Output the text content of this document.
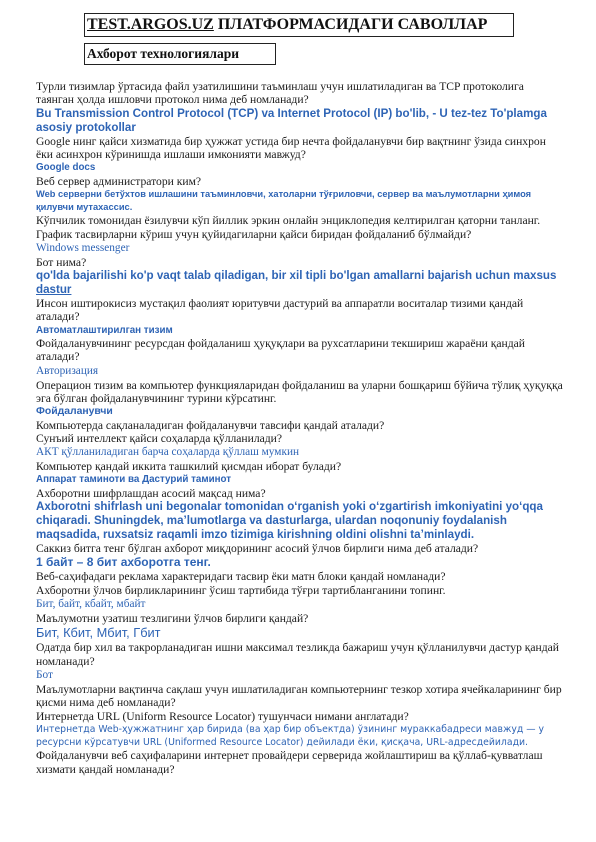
TEST.ARGOS.UZ ПЛАТФОРМАСИДАГИ САВОЛЛАР
Ахборот технологиялари

Турли тизимлар ўртасида файл узатилишини таъминлаш учун ишлатиладиган ва TCP протоколига таянган ҳолда ишловчи протокол нима деб номланади?

Bu Transmission Control Protocol (TCP) va Internet Protocol (IP) bo'lib, - U tez-tez To'plamga asosiy protokollar

Google нинг қайси хизматида бир ҳужжат устида бир нечта фойдаланувчи бир вақтнинг ўзида синхрон ёки асинхрон кўринишда ишлаши имконияти мавжуд?

Google docs

Веб сервер администратори ким?

Web серверни бетўхтов ишлашини таъминловчи, хатоларни тўғриловчи, сервер ва маълумотларни ҳимоя қилувчи мутахассис.

Кўпчилик томонидан ёзилувчи кўп йиллик эркин онлайн энциклопедия келтирилган қаторни танланг.

График тасвирларни кўриш учун қуйидагиларни қайси биридан фойдаланиб бўлмайди?

Windows messenger

Бот нима?

qo'lda bajarilishi ko'p vaqt talab qiladigan, bir xil tipli bo'lgan amallarni bajarish uchun maxsus dastur

Инсон иштирокисиз мустақил фаолият юритувчи дастурий ва аппаратли воситалар тизими қандай аталади?

Автоматлаштирилган тизим

Фойдаланувчининг ресурсдан фойдаланиш ҳуқуқлари ва рухсатларини текшириш жараёни қандай аталади?

Авторизация

Операцион тизим ва компьютер функцияларидан фойдаланиш ва уларни бошқариш бўйича тўлиқ ҳуқуққа эга бўлган фойдаланувчининг турини кўрсатинг.

Фойдаланувчи

Компьютерда сақланаладиган фойдаланувчи тавсифи қандай аталади?

Сунъий интеллект қайси соҳаларда қўлланилади?

АКТ қўлланиладиган барча соҳаларда қўллаш мумкин

Компьютер қандай иккита ташкилий қисмдан иборат булади?

Аппарат таминоти ва Дастурий таминот

Ахборотни шифрлашдан асосий мақсад нима?

Axborotni shifrlash uni begonalar tomonidan oʻrganish yoki oʻzgartirish imkoniyatini yoʻqqa chiqaradi. Shuningdek, maʼlumotlarga va dasturlarga, ulardan noqonuniy foydalanish maqsadida, ruxsatsiz raqamli imzo tizimiga kirishning oldini olishni taʼminlaydi.

Саккиз битга тенг бўлган ахборот миқдорининг асосий ўлчов бирлиги нима деб аталади?

1 байт – 8 бит ахборотга тенг.

Веб-саҳифадаги реклама характеридаги тасвир ёки матн блоки қандай номланади?

Ахборотни ўлчов бирликларининг ўсиш тартибида тўғри тартибланганини топинг.

Бит, байт, кбайт, мбайт

Маълумотни узатиш тезлигини ўлчов бирлиги қандай?

Бит, Кбит, Мбит, Гбит

Одатда бир хил ва такрорланадиган ишни максимал тезликда бажариш учун қўлланилувчи дастур қандай номланади?

Бот

Маълумотларни вақтинча сақлаш учун ишлатиладиган компьютернинг тезкор хотира ячейкаларининг бир қисми нима деб номланади?

Интернетда URL (Uniform Resource Locator) тушунчаси нимани англатади?

Интернетда Web-ҳужжатнинг ҳар бирида (ва ҳар бир объектда) ўзининг мураккабадреси мавжуд — у ресурсни кўрсатувчи URL (Uniformed Resource Locator) дейилади ёки, қисқача, URL-адресдейилади.

Фойдаланувчи веб саҳифаларини интернет провайдери серверида жойлаштириш ва қўллаб-қувватлаш хизмати қандай номланади?
